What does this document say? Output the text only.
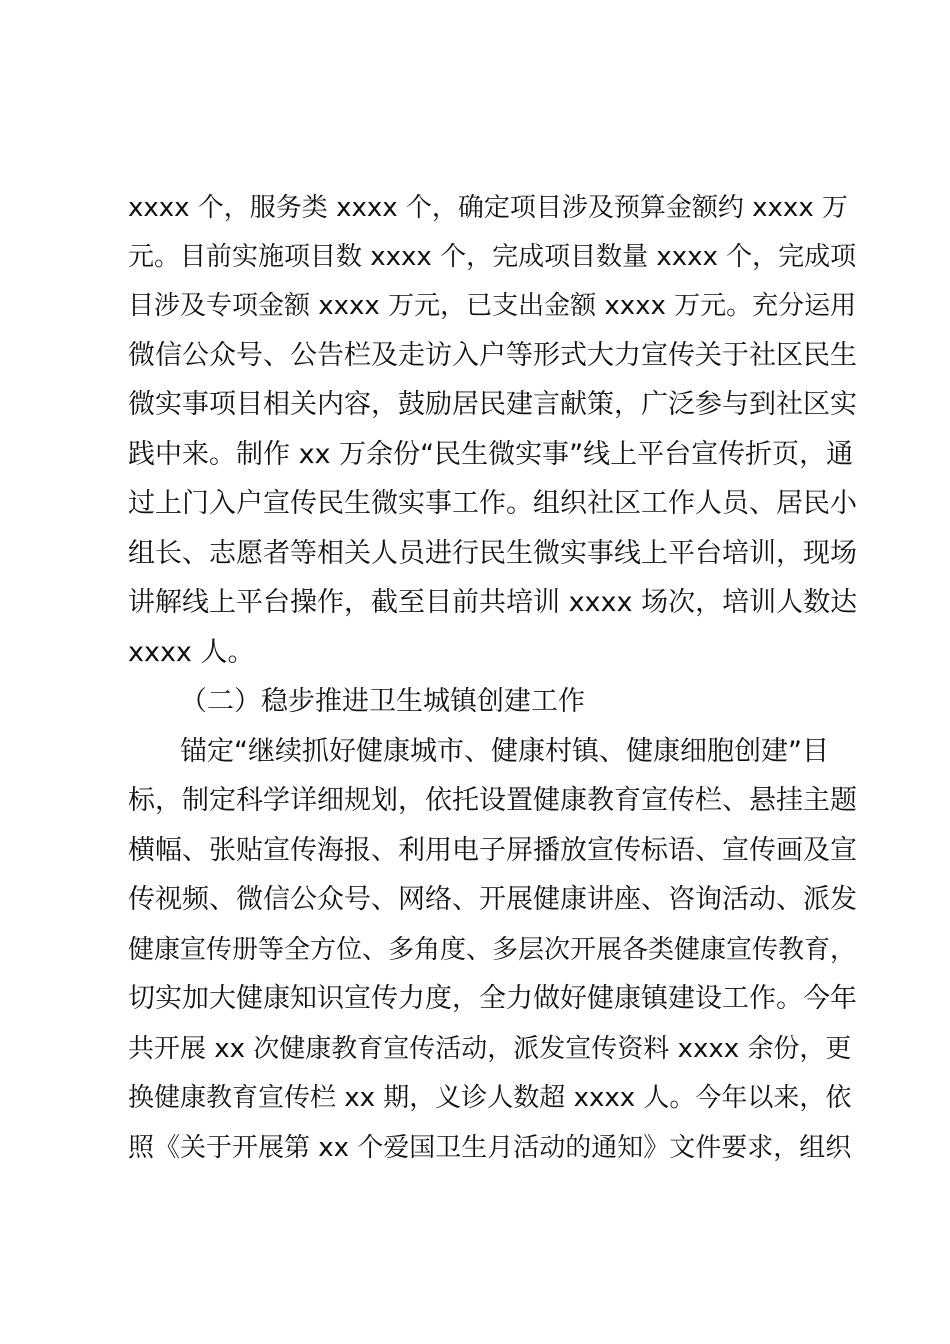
xxxx 个，服务类 xxxx 个，确定项目涉及预算金额约 xxxx 万
元。目前实施项目数 xxxx 个，完成项目数量 xxxx 个，完成项
目涉及专项金额 xxxx 万元，已支出金额 xxxx 万元。充分运用
微信公众号、公告栏及走访入户等形式大力宣传关于社区民生
微实事项目相关内容，鼓励居民建言献策，广泛参与到社区实
践中来。制作 xx 万余份“民生微实事”线上平台宣传折页，通
过上门入户宣传民生微实事工作。组织社区工作人员、居民小
组长、志愿者等相关人员进行民生微实事线上平台培训，现场
讲解线上平台操作，截至目前共培训 xxxx 场次，培训人数达
xxxx 人。
（二）稳步推进卫生城镇创建工作
锚定“继续抓好健康城市、健康村镇、健康细胞创建”目
标，制定科学详细规划，依托设置健康教育宣传栏、悬挂主题
横幅、张贴宣传海报、利用电子屏播放宣传标语、宣传画及宣
传视频、微信公众号、网络、开展健康讲座、咨询活动、派发
健康宣传册等全方位、多角度、多层次开展各类健康宣传教育，
切实加大健康知识宣传力度，全力做好健康镇建设工作。今年
共开展 xx 次健康教育宣传活动，派发宣传资料 xxxx 余份，更
换健康教育宣传栏 xx 期，义诊人数超 xxxx 人。今年以来，依
照《关于开展第 xx 个爱国卫生月活动的通知》文件要求，组织
